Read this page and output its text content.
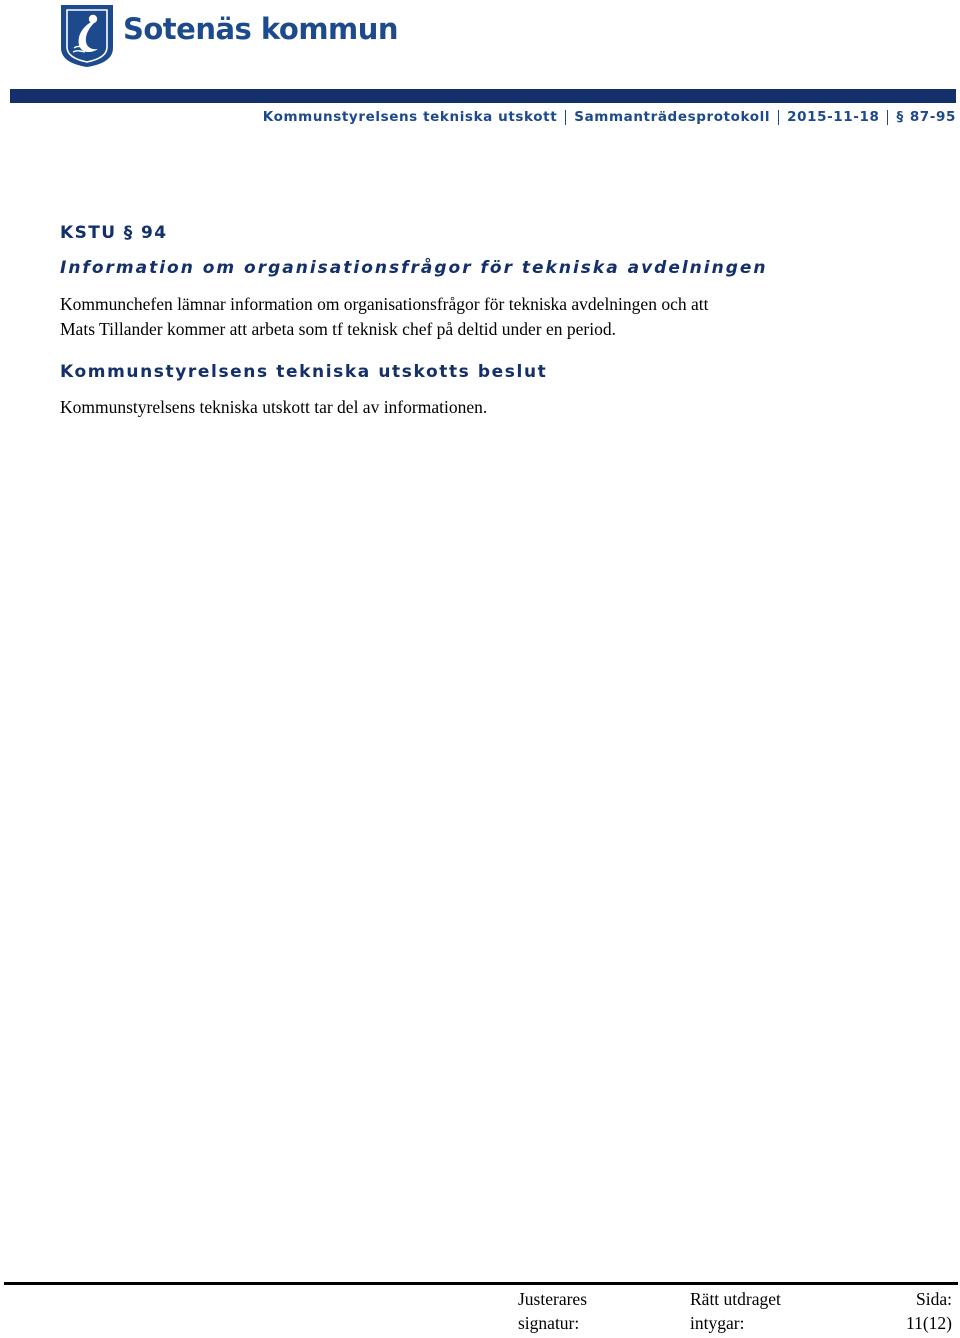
Sotenäs kommun
Kommunstyrelsens tekniska utskott Sammanträdesprotokoll 2015-11-18 § 87-95
KSTU § 94
Information om organisationsfrågor för tekniska avdelningen
Kommunchefen lämnar information om organisationsfrågor för tekniska avdelningen och att
Mats Tillander kommer att arbeta som tf teknisk chef på deltid under en period.
Kommunstyrelsens tekniska utskotts beslut
Kommunstyrelsens tekniska utskott tar del av informationen.
Justerares
signatur:
Rätt utdraget
intygar:
Sida:
11(12)
